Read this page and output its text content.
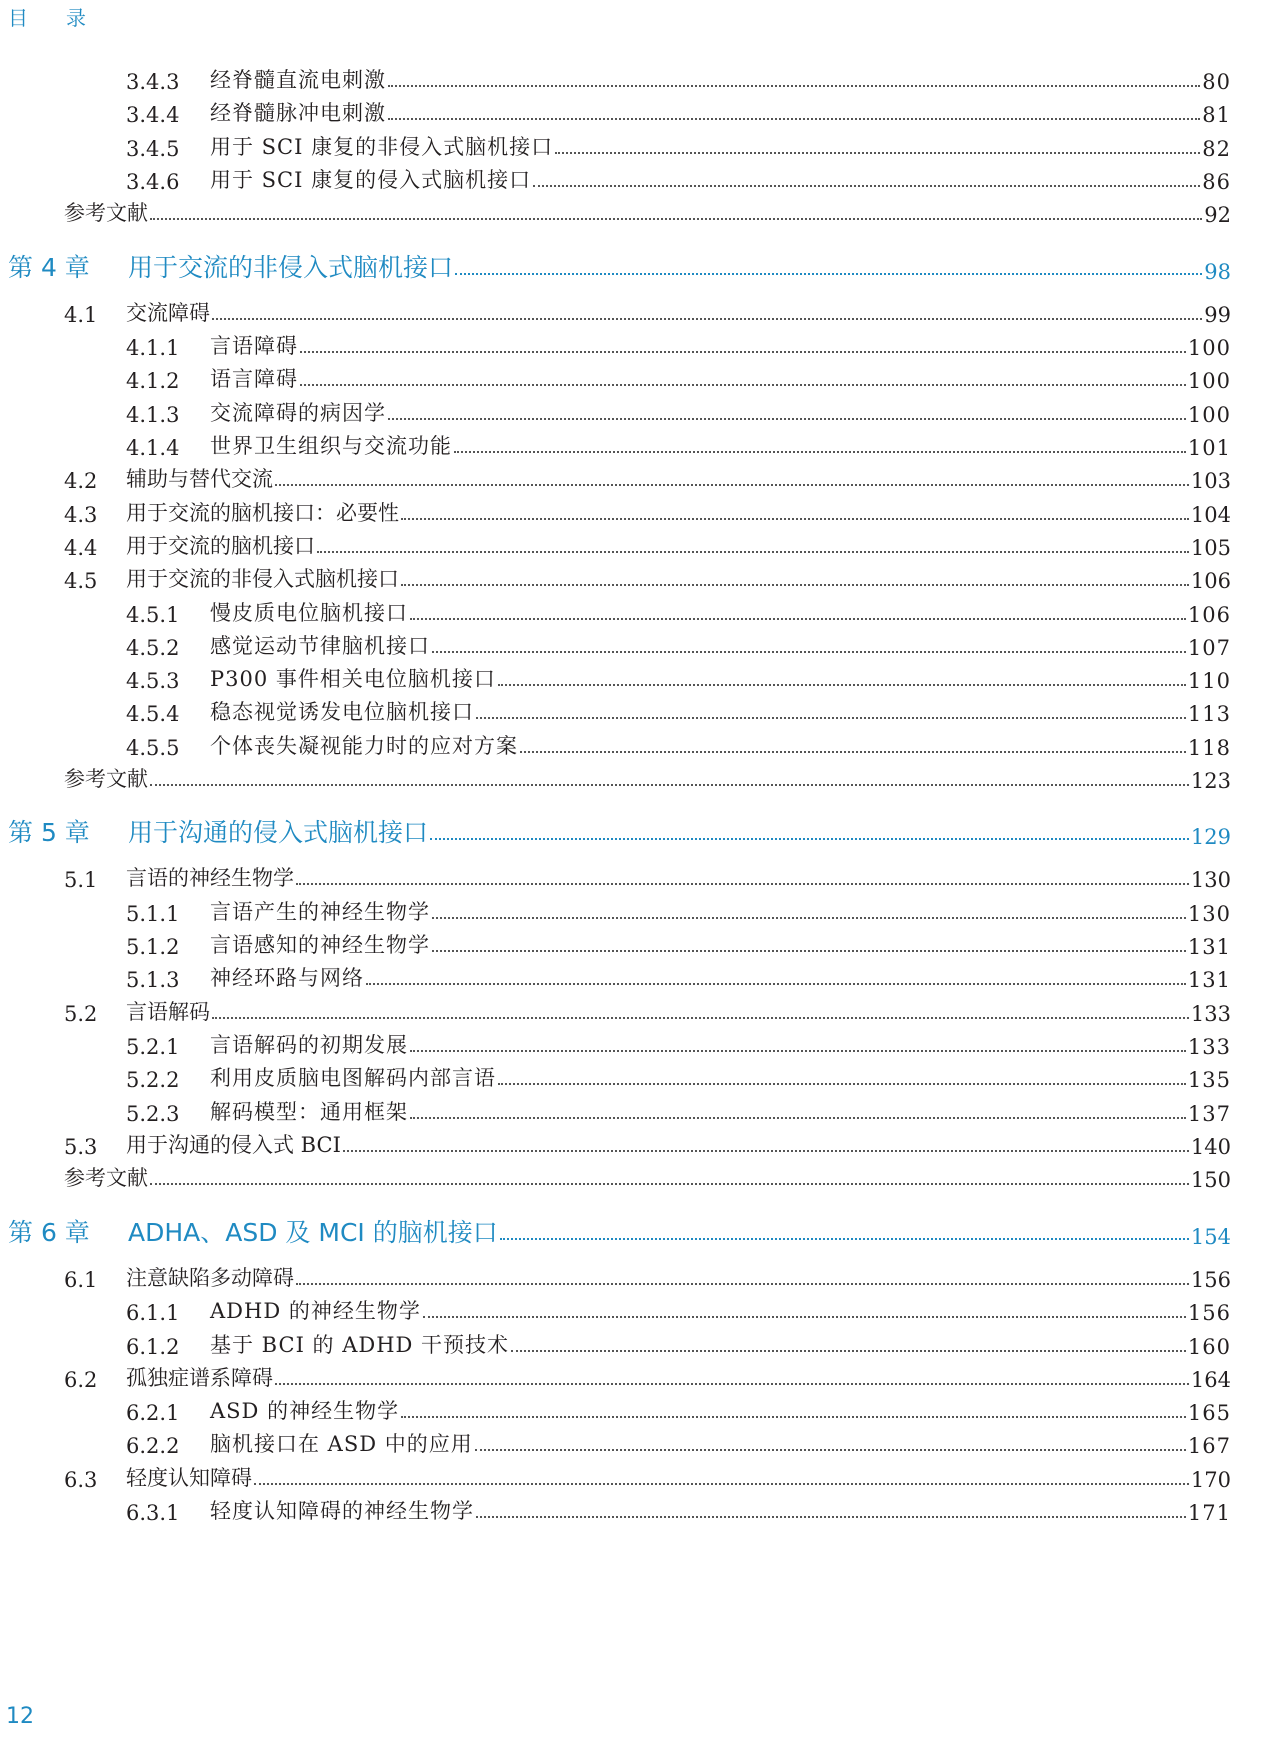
目 录
3.4.3	经脊髓直流电刺激	80
3.4.4	经脊髓脉冲电刺激	81
3.4.5	用于 SCI 康复的非侵入式脑机接口	82
3.4.6	用于 SCI 康复的侵入式脑机接口	86
参考文献	92
第 4 章	用于交流的非侵入式脑机接口	98
4.1	交流障碍	99
4.1.1	言语障碍	100
4.1.2	语言障碍	100
4.1.3	交流障碍的病因学	100
4.1.4	世界卫生组织与交流功能	101
4.2	辅助与替代交流	103
4.3	用于交流的脑机接口：必要性	104
4.4	用于交流的脑机接口	105
4.5	用于交流的非侵入式脑机接口	106
4.5.1	慢皮质电位脑机接口	106
4.5.2	感觉运动节律脑机接口	107
4.5.3	P300 事件相关电位脑机接口	110
4.5.4	稳态视觉诱发电位脑机接口	113
4.5.5	个体丧失凝视能力时的应对方案	118
参考文献	123
第 5 章	用于沟通的侵入式脑机接口	129
5.1	言语的神经生物学	130
5.1.1	言语产生的神经生物学	130
5.1.2	言语感知的神经生物学	131
5.1.3	神经环路与网络	131
5.2	言语解码	133
5.2.1	言语解码的初期发展	133
5.2.2	利用皮质脑电图解码内部言语	135
5.2.3	解码模型：通用框架	137
5.3	用于沟通的侵入式 BCI	140
参考文献	150
第 6 章	ADHA、ASD 及 MCI 的脑机接口	154
6.1	注意缺陷多动障碍	156
6.1.1	ADHD 的神经生物学	156
6.1.2	基于 BCI 的 ADHD 干预技术	160
6.2	孤独症谱系障碍	164
6.2.1	ASD 的神经生物学	165
6.2.2	脑机接口在 ASD 中的应用	167
6.3	轻度认知障碍	170
6.3.1	轻度认知障碍的神经生物学	171
12
